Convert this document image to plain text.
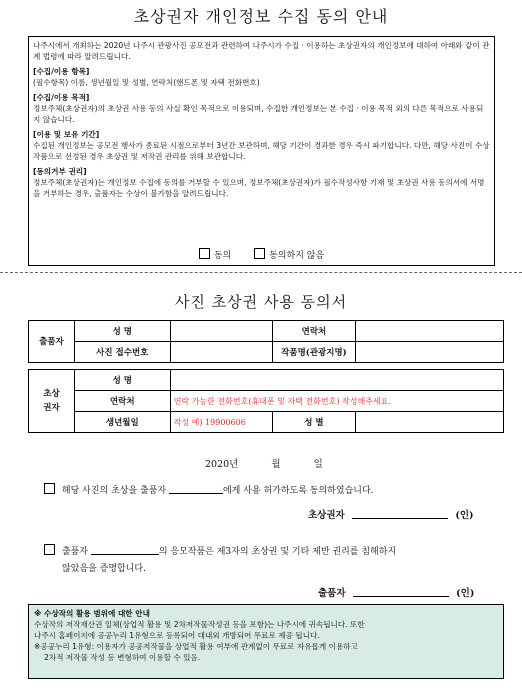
초상권자 개인정보 수집 동의 안내

나주시에서 개최하는 2020년 나주시 관광사진 공모전과 관련하여 나주시가 수집 · 이용하는 초상권자의 개인정보에 대하여 아래와 같이 관계 법령에 따라 알려드립니다.

[수집/이용 항목]

(필수항목) 이름, 생년월일 및 성별, 연락처(핸드폰 및 자택 전화번호)

[수집/이용 목적]

정보주체(초상권자)의 초상권 사용 동의 사실 확인 목적으로 이용되며, 수집한 개인정보는 본 수집 · 이용 목적 외의 다른 목적으로 사용되지 않습니다.

[이용 및 보유 기간]

수집된 개인정보는 공모전 행사가 종료된 시점으로부터 3년간 보관하며, 해당 기간이 경과한 경우 즉시 파기합니다. 다만, 해당 사진이 수상작품으로 선정된 경우 초상권 및 저작권 관리를 위해 보관합니다.

[동의거부 권리]

정보주체(초상권자)는 개인정보 수집에 동의를 거부할 수 있으며, 정보주체(초상권자)가 필수작성사항 기재 및 초상권 사용 동의서에 서명을 거부하는 경우, 출품자는 수상이 불가함을 알려드립니다.

동의	동의하지 않음
사진 초상권 사용 동의서
출품자	성 명		연락처	
	사진 접수번호		작품명(관광지명)	

초상
권자	성 명			
	연락처	연락 가능한 전화번호(휴대폰 및 자택 전화번호) 작성해주세요.		
	생년월일	작성 예) 19900606	성 별	
2020년	월	일
해당 사진의 초상을 출품자	에게 사용 허가하도록 동의하였습니다.
초상권자	(인)
출품자	의 응모작품은 제3자의 초상권 및 기타 제반 권리를 침해하지
않았음을 증명합니다.
출품자	(인)

※ 수상작의 활용 범위에 대한 안내

수상작의 저작재산권 일체(상업적 활용 및 2차저작물작성권 등을 포함)는 나주시에 귀속됩니다. 또한

나주시 홈페이지에 공공누리 1유형으로 등록되어 대내외 개방되어 무료로 제공 됩니다.

※공공누리 1유형: 이용자가 공공저작물을 상업적 활용 여부에 관계없이 무료로 자유롭게 이용하고

2차적 저작물 작성 등 변형하여 이용할 수 있음.
